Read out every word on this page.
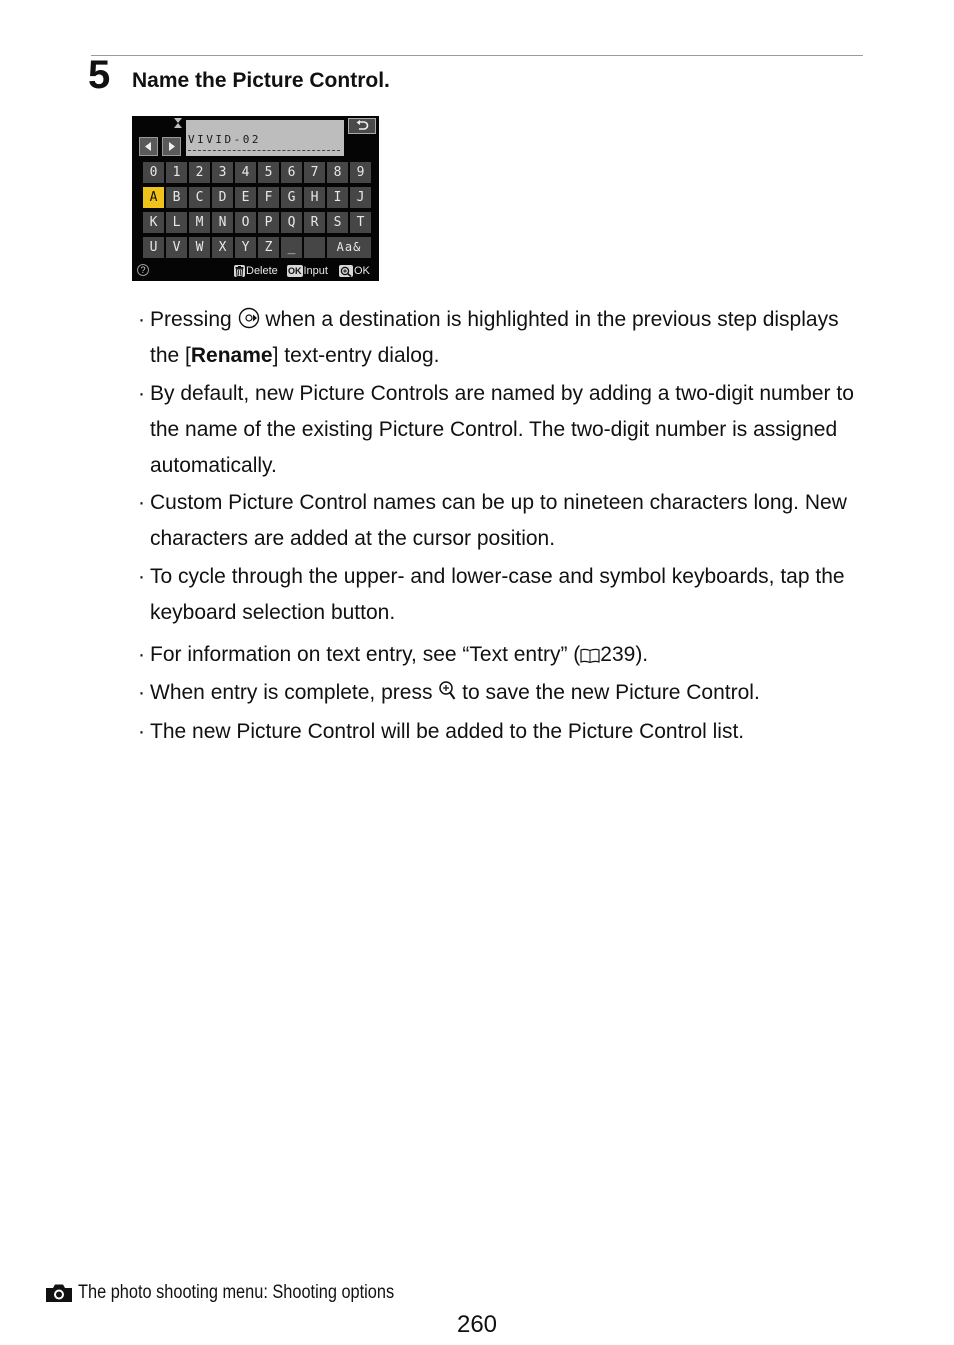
5 Name the Picture Control.
VIVID-02
0	1	2	3	4	5	6	7	8	9
A	B	C	D	E	F	G	H	I	J
K	L	M	N	O	P	Q	R	S	T
U	V	W	X	Y	Z	_	Aa&
?	Delete OK Input	OK
· Pressing when a destination is highlighted in the previous step displays the [Rename] text-entry dialog.
· By default, new Picture Controls are named by adding a two-digit number to the name of the existing Picture Control. The two-digit number is assigned automatically.
· Custom Picture Control names can be up to nineteen characters long. New characters are added at the cursor position.
· To cycle through the upper- and lower-case and symbol keyboards, tap the keyboard selection button.
· For information on text entry, see “Text entry” ( 239).
· When entry is complete, press to save the new Picture Control.
· The new Picture Control will be added to the Picture Control list.
The photo shooting menu: Shooting options
260
